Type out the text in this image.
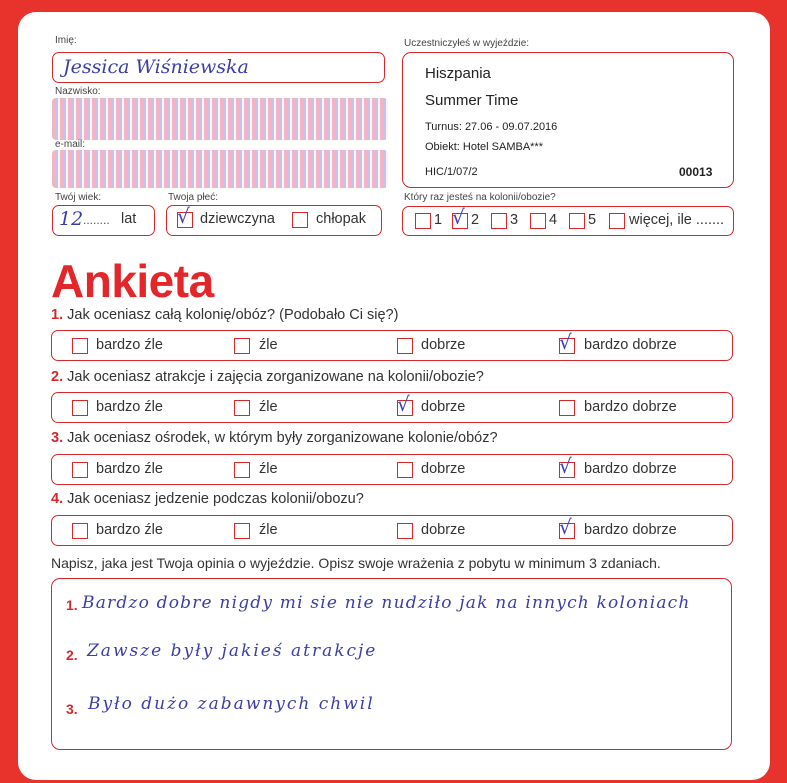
Imię:
Jessica Wiśniewska
Nazwisko:
e-mail:
Twój wiek:
12 ........ lat
Twoja płeć:
√ dziewczyna	chłopak
Uczestniczyłeś w wyjeździe:
Hiszpania
Summer Time
Turnus: 27.06 - 09.07.2016
Obiekt: Hotel SAMBA***
HIC/1/07/2	00013
Który raz jesteś na kolonii/obozie?
1 √ 2 3 4 5 więcej, ile .......
Ankieta
1. Jak oceniasz całą kolonię/obóz? (Podobało Ci się?)
bardzo źle	źle	dobrze	√ bardzo dobrze
2. Jak oceniasz atrakcje i zajęcia zorganizowane na kolonii/obozie?
bardzo źle	źle	√ dobrze	bardzo dobrze
3. Jak oceniasz ośrodek, w którym były zorganizowane kolonie/obóz?
bardzo źle	źle	dobrze	√ bardzo dobrze
4. Jak oceniasz jedzenie podczas kolonii/obozu?
bardzo źle	źle	dobrze	√ bardzo dobrze
Napisz, jaka jest Twoja opinia o wyjeździe. Opisz swoje wrażenia z pobytu w minimum 3 zdaniach.
1. Bardzo dobre nigdy mi sie nie nudziło jak na innych koloniach
2. Zawsze były jakieś atrakcje
3. Było dużo zabawnych chwil
